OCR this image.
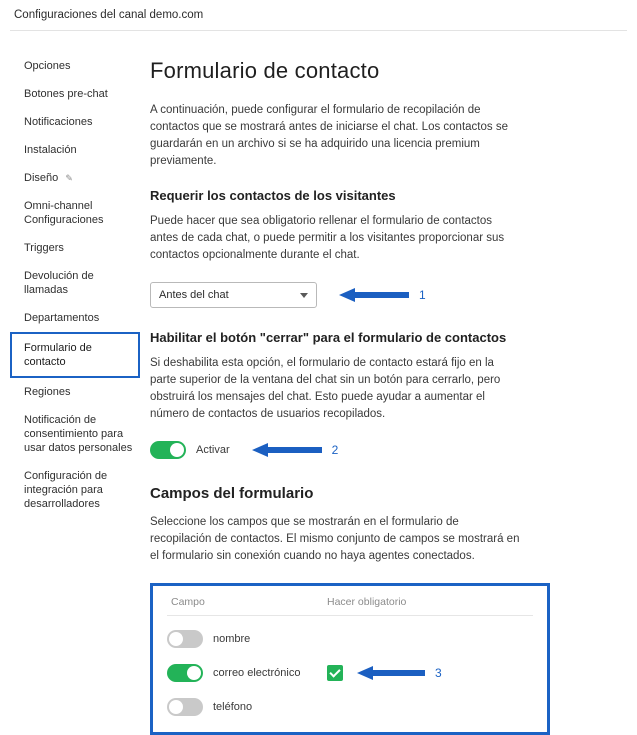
Configuraciones del canal demo.com
Opciones
Botones pre-chat
Notificaciones
Instalación
Diseño ✎
Omni-channel Configuraciones
Triggers
Devolución de llamadas
Departamentos
Formulario de contacto
Regiones
Notificación de consentimiento para usar datos personales
Configuración de integración para desarrolladores
Formulario de contacto

A continuación, puede configurar el formulario de recopilación de contactos que se mostrará antes de iniciarse el chat. Los contactos se guardarán en un archivo si se ha adquirido una licencia premium previamente.

Requerir los contactos de los visitantes

Puede hacer que sea obligatorio rellenar el formulario de contactos antes de cada chat, o puede permitir a los visitantes proporcionar sus contactos opcionalmente durante el chat.

Antes del chat	1
Habilitar el botón "cerrar" para el formulario de contactos

Si deshabilita esta opción, el formulario de contacto estará fijo en la parte superior de la ventana del chat sin un botón para cerrarlo, pero obstruirá los mensajes del chat. Esto puede ayudar a aumentar el número de contactos de usuarios recopilados.

Activar	2
Campos del formulario

Seleccione los campos que se mostrarán en el formulario de recopilación de contactos. El mismo conjunto de campos se mostrará en el formulario sin conexión cuando no haya agentes conectados.

Campo	Hacer obligatorio
nombre
correo electrónico	3
teléfono
